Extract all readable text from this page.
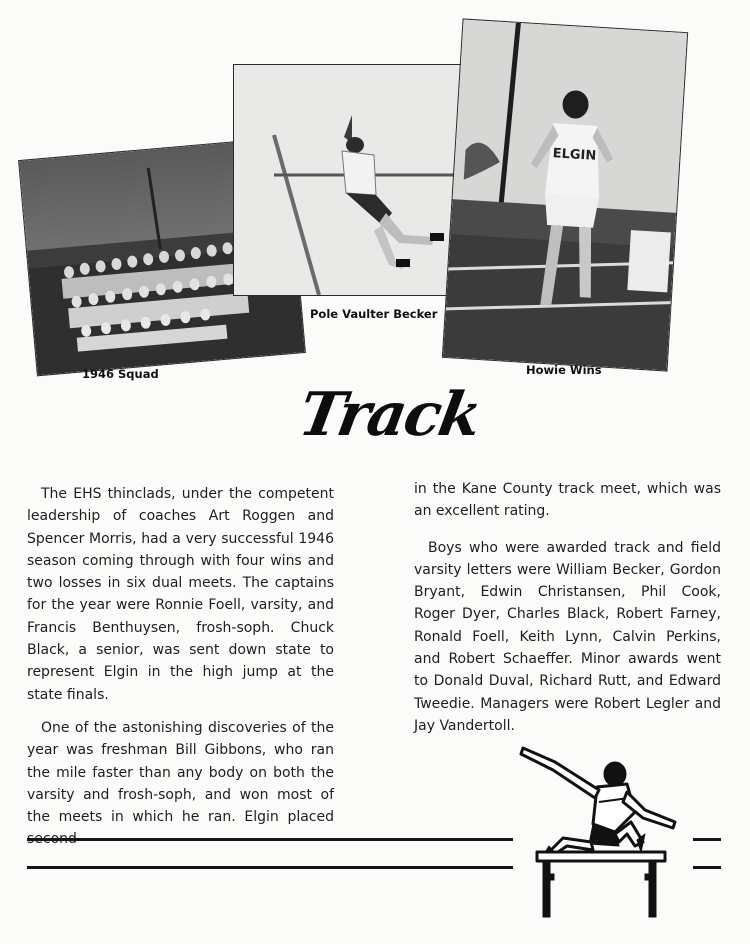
ELGIN
1946 Squad
Pole Vaulter Becker
Howie Wins
Track

The EHS thinclads, under the competent leadership of coaches Art Roggen and Spencer Morris, had a very successful 1946 season coming through with four wins and two losses in six dual meets. The captains for the year were Ronnie Foell, varsity, and Francis Benthuysen, frosh-soph. Chuck Black, a senior, was sent down state to represent Elgin in the high jump at the state finals.

One of the astonishing discoveries of the year was freshman Bill Gibbons, who ran the mile faster than any body on both the varsity and frosh-soph, and won most of the meets in which he ran. Elgin placed

in the Kane County track meet, which was an excellent rating.

Boys who were awarded track and field varsity letters were William Becker, Gordon Bryant, Edwin Christansen, Phil Cook, Roger Dyer, Charles Black, Robert Farney, Ronald Foell, Keith Lynn, Calvin Perkins, and Robert Schaeffer. Minor awards went to Donald Duval, Richard Rutt, and Edward Tweedie. Managers were Robert Legler and Jay Vandertoll.
